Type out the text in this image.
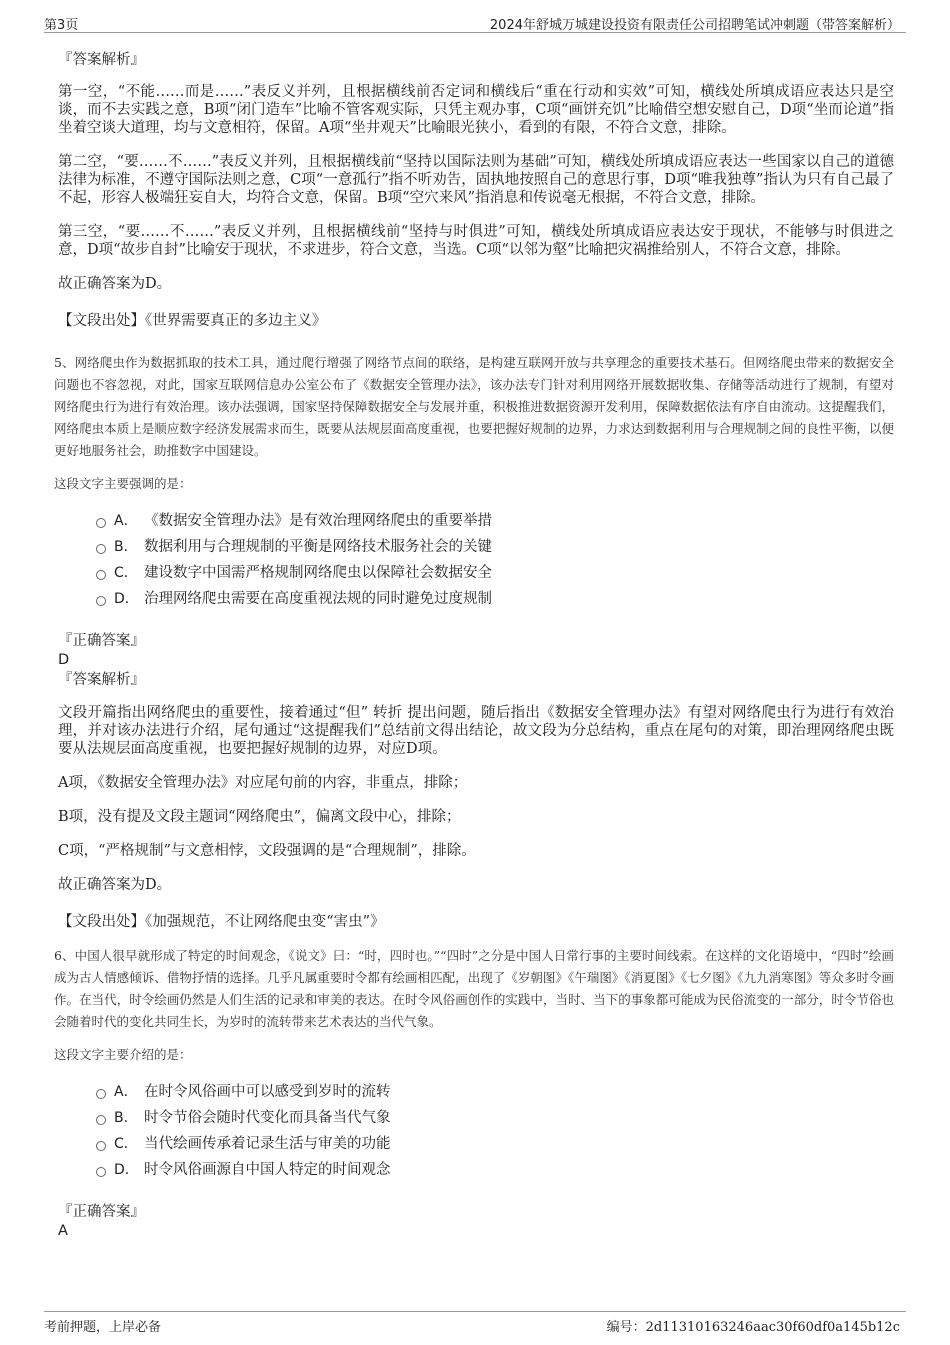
第3页	2024年舒城万城建设投资有限责任公司招聘笔试冲刺题（带答案解析）
『答案解析』
第一空，“不能……而是……”表反义并列，且根据横线前否定词和横线后“重在行动和实效”可知，横线处所填成语应表达只是空谈，而不去实践之意，B项“闭门造车”比喻不管客观实际，只凭主观办事，C项“画饼充饥”比喻借空想安慰自己，D项“坐而论道”指坐着空谈大道理，均与文意相符，保留。A项“坐井观天”比喻眼光狭小，看到的有限，不符合文意，排除。
第二空，“要……不……”表反义并列，且根据横线前“坚持以国际法则为基础”可知，横线处所填成语应表达一些国家以自己的道德法律为标准，不遵守国际法则之意，C项“一意孤行”指不听劝告，固执地按照自己的意思行事，D项“唯我独尊”指认为只有自己最了不起，形容人极端狂妄自大，均符合文意，保留。B项“空穴来风”指消息和传说毫无根据，不符合文意，排除。
第三空，“要……不……”表反义并列，且根据横线前“坚持与时俱进”可知，横线处所填成语应表达安于现状，不能够与时俱进之意，D项“故步自封”比喻安于现状，不求进步，符合文意，当选。C项“以邻为壑”比喻把灾祸推给别人，不符合文意，排除。
故正确答案为D。
【文段出处】《世界需要真正的多边主义》
5、网络爬虫作为数据抓取的技术工具，通过爬行增强了网络节点间的联络，是构建互联网开放与共享理念的重要技术基石。但网络爬虫带来的数据安全问题也不容忽视，对此，国家互联网信息办公室公布了《数据安全管理办法》，该办法专门针对利用网络开展数据收集、存储等活动进行了规制，有望对网络爬虫行为进行有效治理。该办法强调，国家坚持保障数据安全与发展并重，积极推进数据资源开发利用，保障数据依法有序自由流动。这提醒我们，网络爬虫本质上是顺应数字经济发展需求而生，既要从法规层面高度重视，也要把握好规制的边界，力求达到数据利用与合理规制之间的良性平衡，以便更好地服务社会，助推数字中国建设。
这段文字主要强调的是：
A． 《数据安全管理办法》是有效治理网络爬虫的重要举措
B． 数据利用与合理规制的平衡是网络技术服务社会的关键
C． 建设数字中国需严格规制网络爬虫以保障社会数据安全
D． 治理网络爬虫需要在高度重视法规的同时避免过度规制
『正确答案』
D
『答案解析』
文段开篇指出网络爬虫的重要性，接着通过“但” 转折 提出问题，随后指出《数据安全管理办法》有望对网络爬虫行为进行有效治理，并对该办法进行介绍，尾句通过“这提醒我们”总结前文得出结论，故文段为分总结构，重点在尾句的对策，即治理网络爬虫既要从法规层面高度重视，也要把握好规制的边界，对应D项。
A项，《数据安全管理办法》对应尾句前的内容，非重点，排除；
B项，没有提及文段主题词“网络爬虫”，偏离文段中心，排除；
C项，“严格规制”与文意相悖，文段强调的是“合理规制”，排除。
故正确答案为D。
【文段出处】《加强规范，不让网络爬虫变“害虫”》
6、中国人很早就形成了特定的时间观念，《说文》曰：“时，四时也。”“四时”之分是中国人日常行事的主要时间线索。在这样的文化语境中，“四时”绘画成为古人情感倾诉、借物抒情的选择。几乎凡属重要时令都有绘画相匹配，出现了《岁朝图》《午瑞图》《消夏图》《七夕图》《九九消寒图》等众多时令画作。在当代，时令绘画仍然是人们生活的记录和审美的表达。在时令风俗画创作的实践中，当时、当下的事象都可能成为民俗流变的一部分，时令节俗也会随着时代的变化共同生长，为岁时的流转带来艺术表达的当代气象。
这段文字主要介绍的是：
A． 在时令风俗画中可以感受到岁时的流转
B． 时令节俗会随时代变化而具备当代气象
C． 当代绘画传承着记录生活与审美的功能
D． 时令风俗画源自中国人特定的时间观念
『正确答案』
A
考前押题，上岸必备	编号：2d11310163246aac30f60df0a145b12c
